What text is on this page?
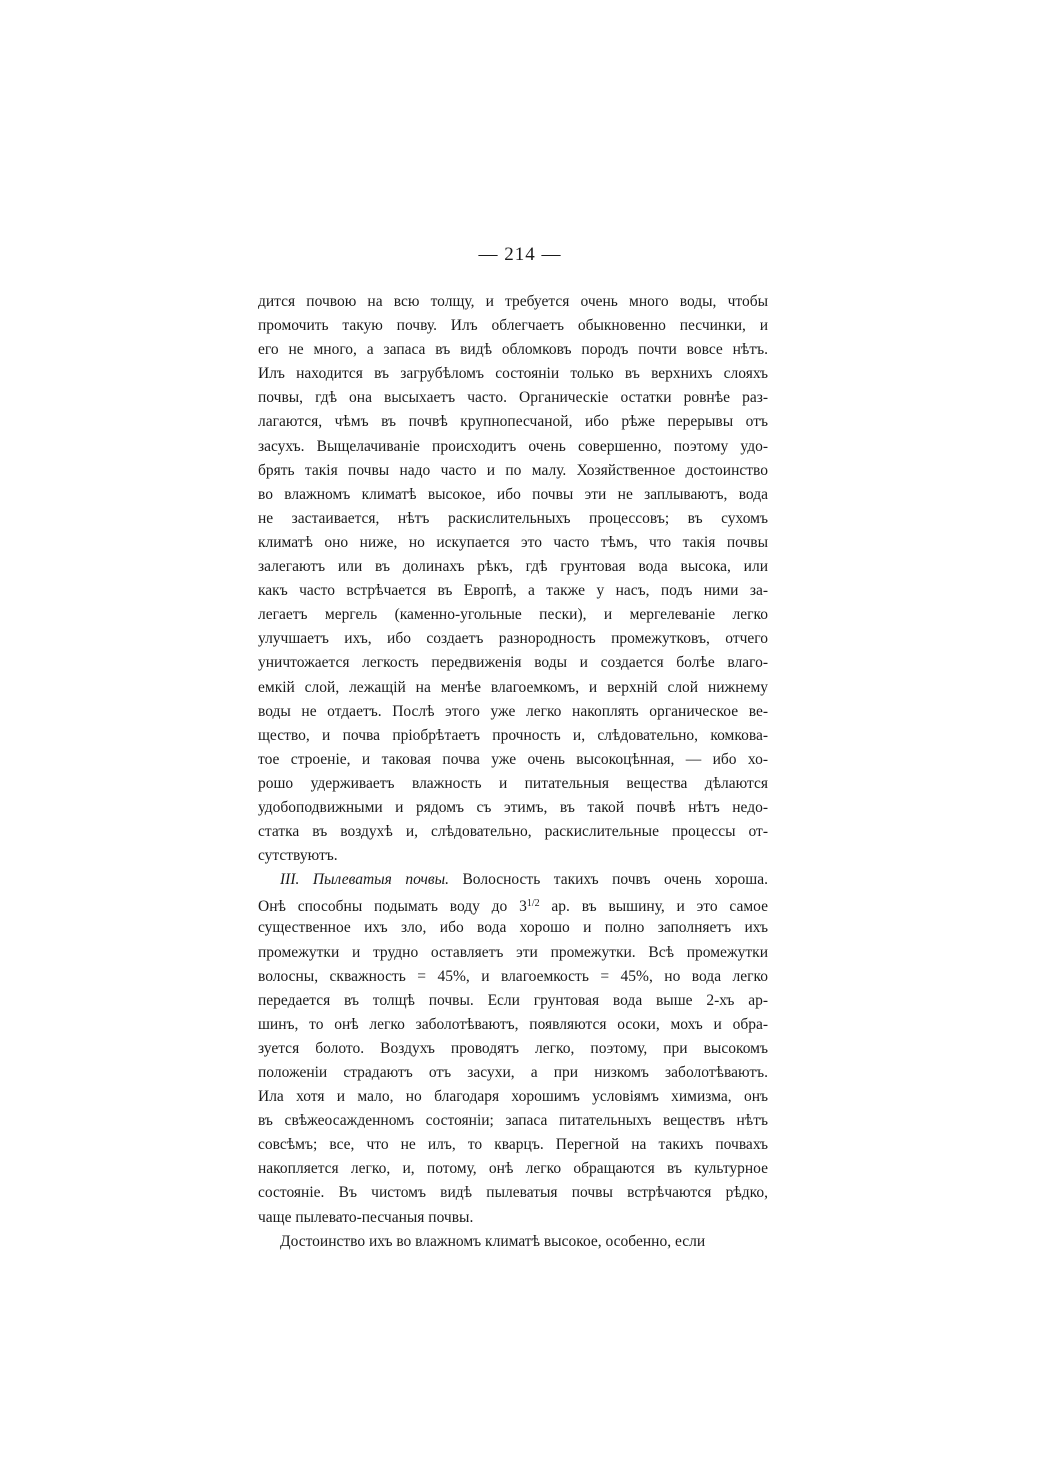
— 214 —
дится почвою на всю толщу, и требуется очень много воды, чтобы
промочить такую почву. Илъ облегчаетъ обыкновенно песчинки, и
его не много, а запаса въ видѣ обломковъ породъ почти вовсе нѣтъ.
Илъ находится въ загрубѣломъ состояніи только въ верхнихъ слояхъ
почвы, гдѣ она высыхаетъ часто. Органическіе остатки ровнѣе раз-
лагаются, чѣмъ въ почвѣ крупнопесчаной, ибо рѣже перерывы отъ
засухъ. Выщелачиваніе происходитъ очень совершенно, поэтому удо-
брять такія почвы надо часто и по малу. Хозяйственное достоинство
во влажномъ климатѣ высокое, ибо почвы эти не заплываютъ, вода
не застаивается, нѣтъ раскислительныхъ процессовъ; въ сухомъ
климатѣ оно ниже, но искупается это часто тѣмъ, что такія почвы
залегаютъ или въ долинахъ рѣкъ, гдѣ грунтовая вода высока, или
какъ часто встрѣчается въ Европѣ, а также у насъ, подъ ними за-
легаетъ мергель (каменно-угольные пески), и мергелеваніе легко
улучшаетъ ихъ, ибо создаетъ разнородность промежутковъ, отчего
уничтожается легкость передвиженія воды и создается болѣе влаго-
емкій слой, лежащій на менѣе влагоемкомъ, и верхній слой нижнему
воды не отдаетъ. Послѣ этого уже легко накоплять органическое ве-
щество, и почва пріобрѣтаетъ прочность и, слѣдовательно, комкова-
тое строеніе, и таковая почва уже очень высокоцѣнная, — ибо хо-
рошо удерживаетъ влажность и питательныя вещества дѣлаются
удобоподвижными и рядомъ съ этимъ, въ такой почвѣ нѣтъ недо-
статка въ воздухѣ и, слѣдовательно, раскислительные процессы от-
сутствуютъ.
III. Пылеватыя почвы. Волосность такихъ почвъ очень хороша.
Онѣ способны подымать воду до $3^{1/2}$ ар. въ вышину, и это самое
существенное ихъ зло, ибо вода хорошо и полно заполняетъ ихъ
промежутки и трудно оставляетъ эти промежутки. Всѣ промежутки
волосны, скважность = 45%, и влагоемкость = 45%, но вода легко
передается въ толщѣ почвы. Если грунтовая вода выше 2-хъ ар-
шинъ, то онѣ легко заболотѣваютъ, появляются осоки, мохъ и обра-
зуется болото. Воздухъ проводятъ легко, поэтому, при высокомъ
положеніи страдаютъ отъ засухи, а при низкомъ заболотѣваютъ.
Ила хотя и мало, но благодаря хорошимъ условіямъ химизма, онъ
въ свѣжеосажденномъ состояніи; запаса питательныхъ веществъ нѣтъ
совсѣмъ; все, что не илъ, то кварцъ. Перегной на такихъ почвахъ
накопляется легко, и, потому, онѣ легко обращаются въ культурное
состояніе. Въ чистомъ видѣ пылеватыя почвы встрѣчаются рѣдко,
чаще пылевато-песчаныя почвы.
Достоинство ихъ во влажномъ климатѣ высокое, особенно, если
